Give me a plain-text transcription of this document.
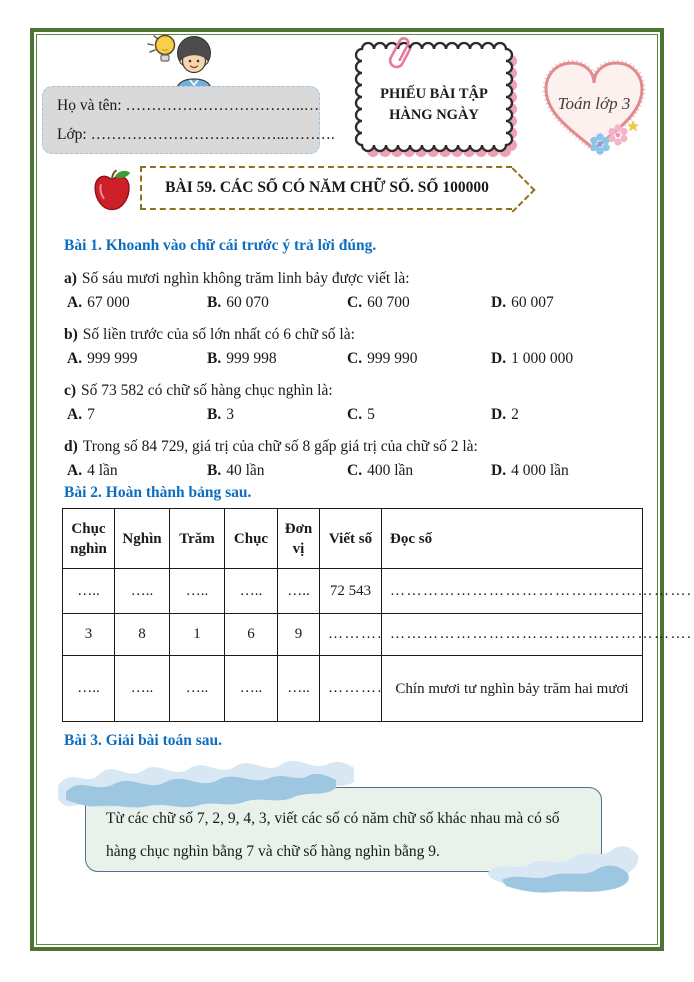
Họ và tên: ……………………………..…
Lớp: ………………………………..……….
PHIẾU BÀI TẬP
HÀNG NGÀY
Toán lớp 3
BÀI 59. CÁC SỐ CÓ NĂM CHỮ SỐ. SỐ 100000
Bài 1. Khoanh vào chữ cái trước ý trả lời đúng.

a) Số sáu mươi nghìn không trăm linh bảy được viết là:

A. 67 000	B. 60 070	C. 60 700	D. 60 007

b) Số liền trước của số lớn nhất có 6 chữ số là:

A. 999 999	B. 999 998	C. 999 990	D. 1 000 000

c) Số 73 582 có chữ số hàng chục nghìn là:

A. 7	B. 3	C. 5	D. 2

d) Trong số 84 729, giá trị của chữ số 8 gấp giá trị của chữ số 2 là:

A. 4 lần	B. 40 lần	C. 400 lần	D. 4 000 lần
Bài 2. Hoàn thành bảng sau.
Chục nghìn	Nghìn	Trăm	Chục	Đơn vị	Viết số	Đọc số
…..	…..	…..	…..	…..	72 543	……………………………………………….
3	8	1	6	9	……….	……………………………………………….
…..	…..	…..	…..	…..	……….	Chín mươi tư nghìn bảy trăm hai mươi
Bài 3. Giải bài toán sau.

Từ các chữ số 7, 2, 9, 4, 3, viết các số có năm chữ số khác nhau mà có số hàng chục nghìn bằng 7 và chữ số hàng nghìn bằng 9.
